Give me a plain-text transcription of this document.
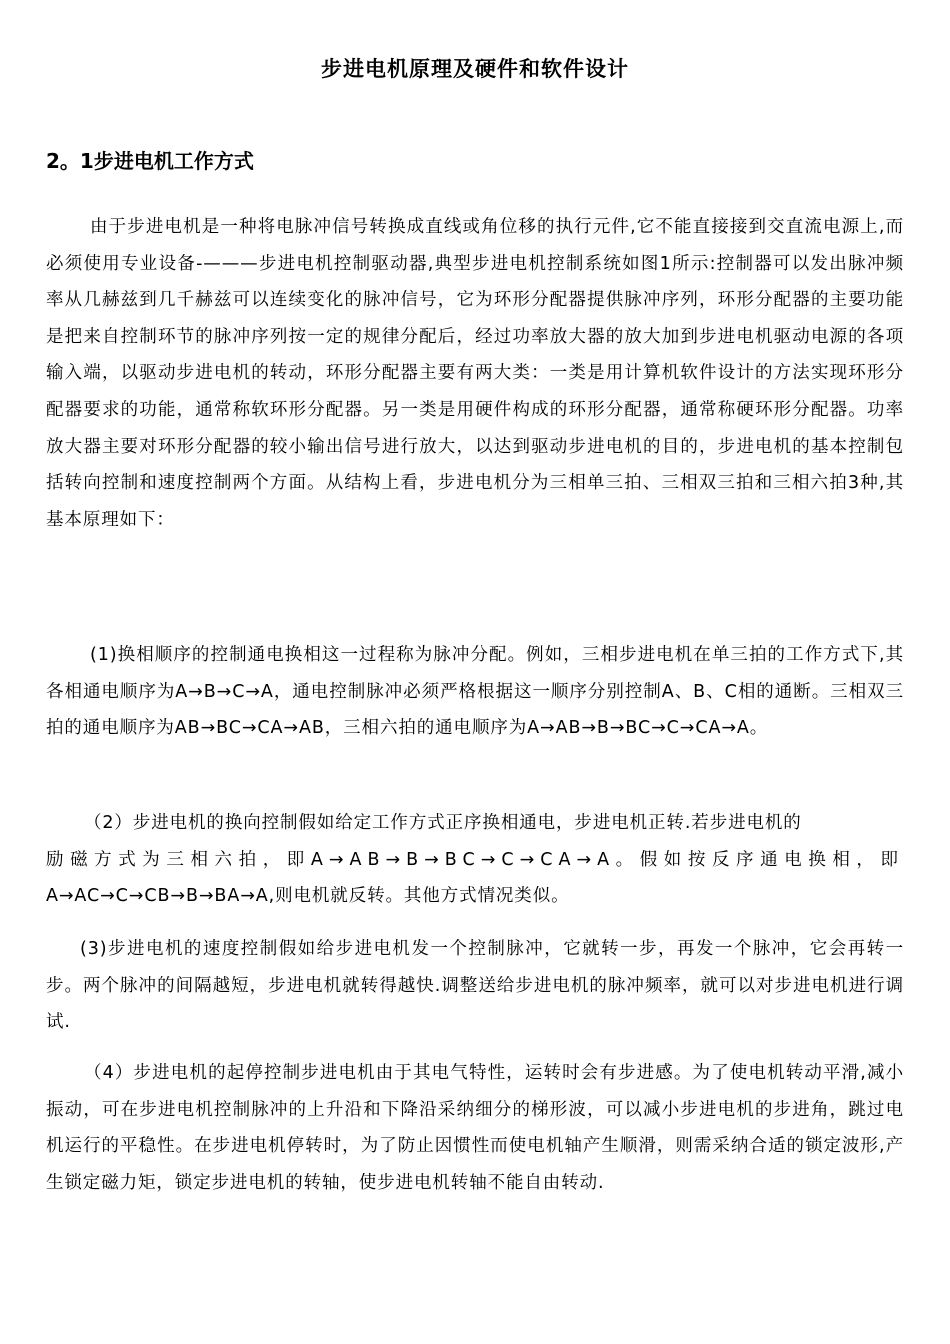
步进电机原理及硬件和软件设计
2。1步进电机工作方式
由于步进电机是一种将电脉冲信号转换成直线或角位移的执行元件,它不能直接接到交直流电源上,而必须使用专业设备-———步进电机控制驱动器,典型步进电机控制系统如图1所示:控制器可以发出脉冲频率从几赫兹到几千赫兹可以连续变化的脉冲信号，它为环形分配器提供脉冲序列，环形分配器的主要功能是把来自控制环节的脉冲序列按一定的规律分配后，经过功率放大器的放大加到步进电机驱动电源的各项输入端，以驱动步进电机的转动，环形分配器主要有两大类：一类是用计算机软件设计的方法实现环形分配器要求的功能，通常称软环形分配器。另一类是用硬件构成的环形分配器，通常称硬环形分配器。功率放大器主要对环形分配器的较小输出信号进行放大，以达到驱动步进电机的目的，步进电机的基本控制包括转向控制和速度控制两个方面。从结构上看，步进电机分为三相单三拍、三相双三拍和三相六拍3种,其基本原理如下：
(1)换相顺序的控制通电换相这一过程称为脉冲分配。例如，三相步进电机在单三拍的工作方式下,其各相通电顺序为A→B→C→A，通电控制脉冲必须严格根据这一顺序分别控制A、B、C相的通断。三相双三拍的通电顺序为AB→BC→CA→AB，三相六拍的通电顺序为A→AB→B→BC→C→CA→A。
（2）步进电机的换向控制假如给定工作方式正序换相通电，步进电机正转.若步进电机的
励磁方式为三相六拍，即A→AB→B→BC→C→CA→A。假如按反序通电换相，即
A→AC→C→CB→B→BA→A,则电机就反转。其他方式情况类似。
(3)步进电机的速度控制假如给步进电机发一个控制脉冲，它就转一步，再发一个脉冲，它会再转一步。两个脉冲的间隔越短，步进电机就转得越快.调整送给步进电机的脉冲频率，就可以对步进电机进行调试.
（4）步进电机的起停控制步进电机由于其电气特性，运转时会有步进感。为了使电机转动平滑,减小振动，可在步进电机控制脉冲的上升沿和下降沿采纳细分的梯形波，可以减小步进电机的步进角，跳过电机运行的平稳性。在步进电机停转时，为了防止因惯性而使电机轴产生顺滑，则需采纳合适的锁定波形,产生锁定磁力矩，锁定步进电机的转轴，使步进电机转轴不能自由转动.
